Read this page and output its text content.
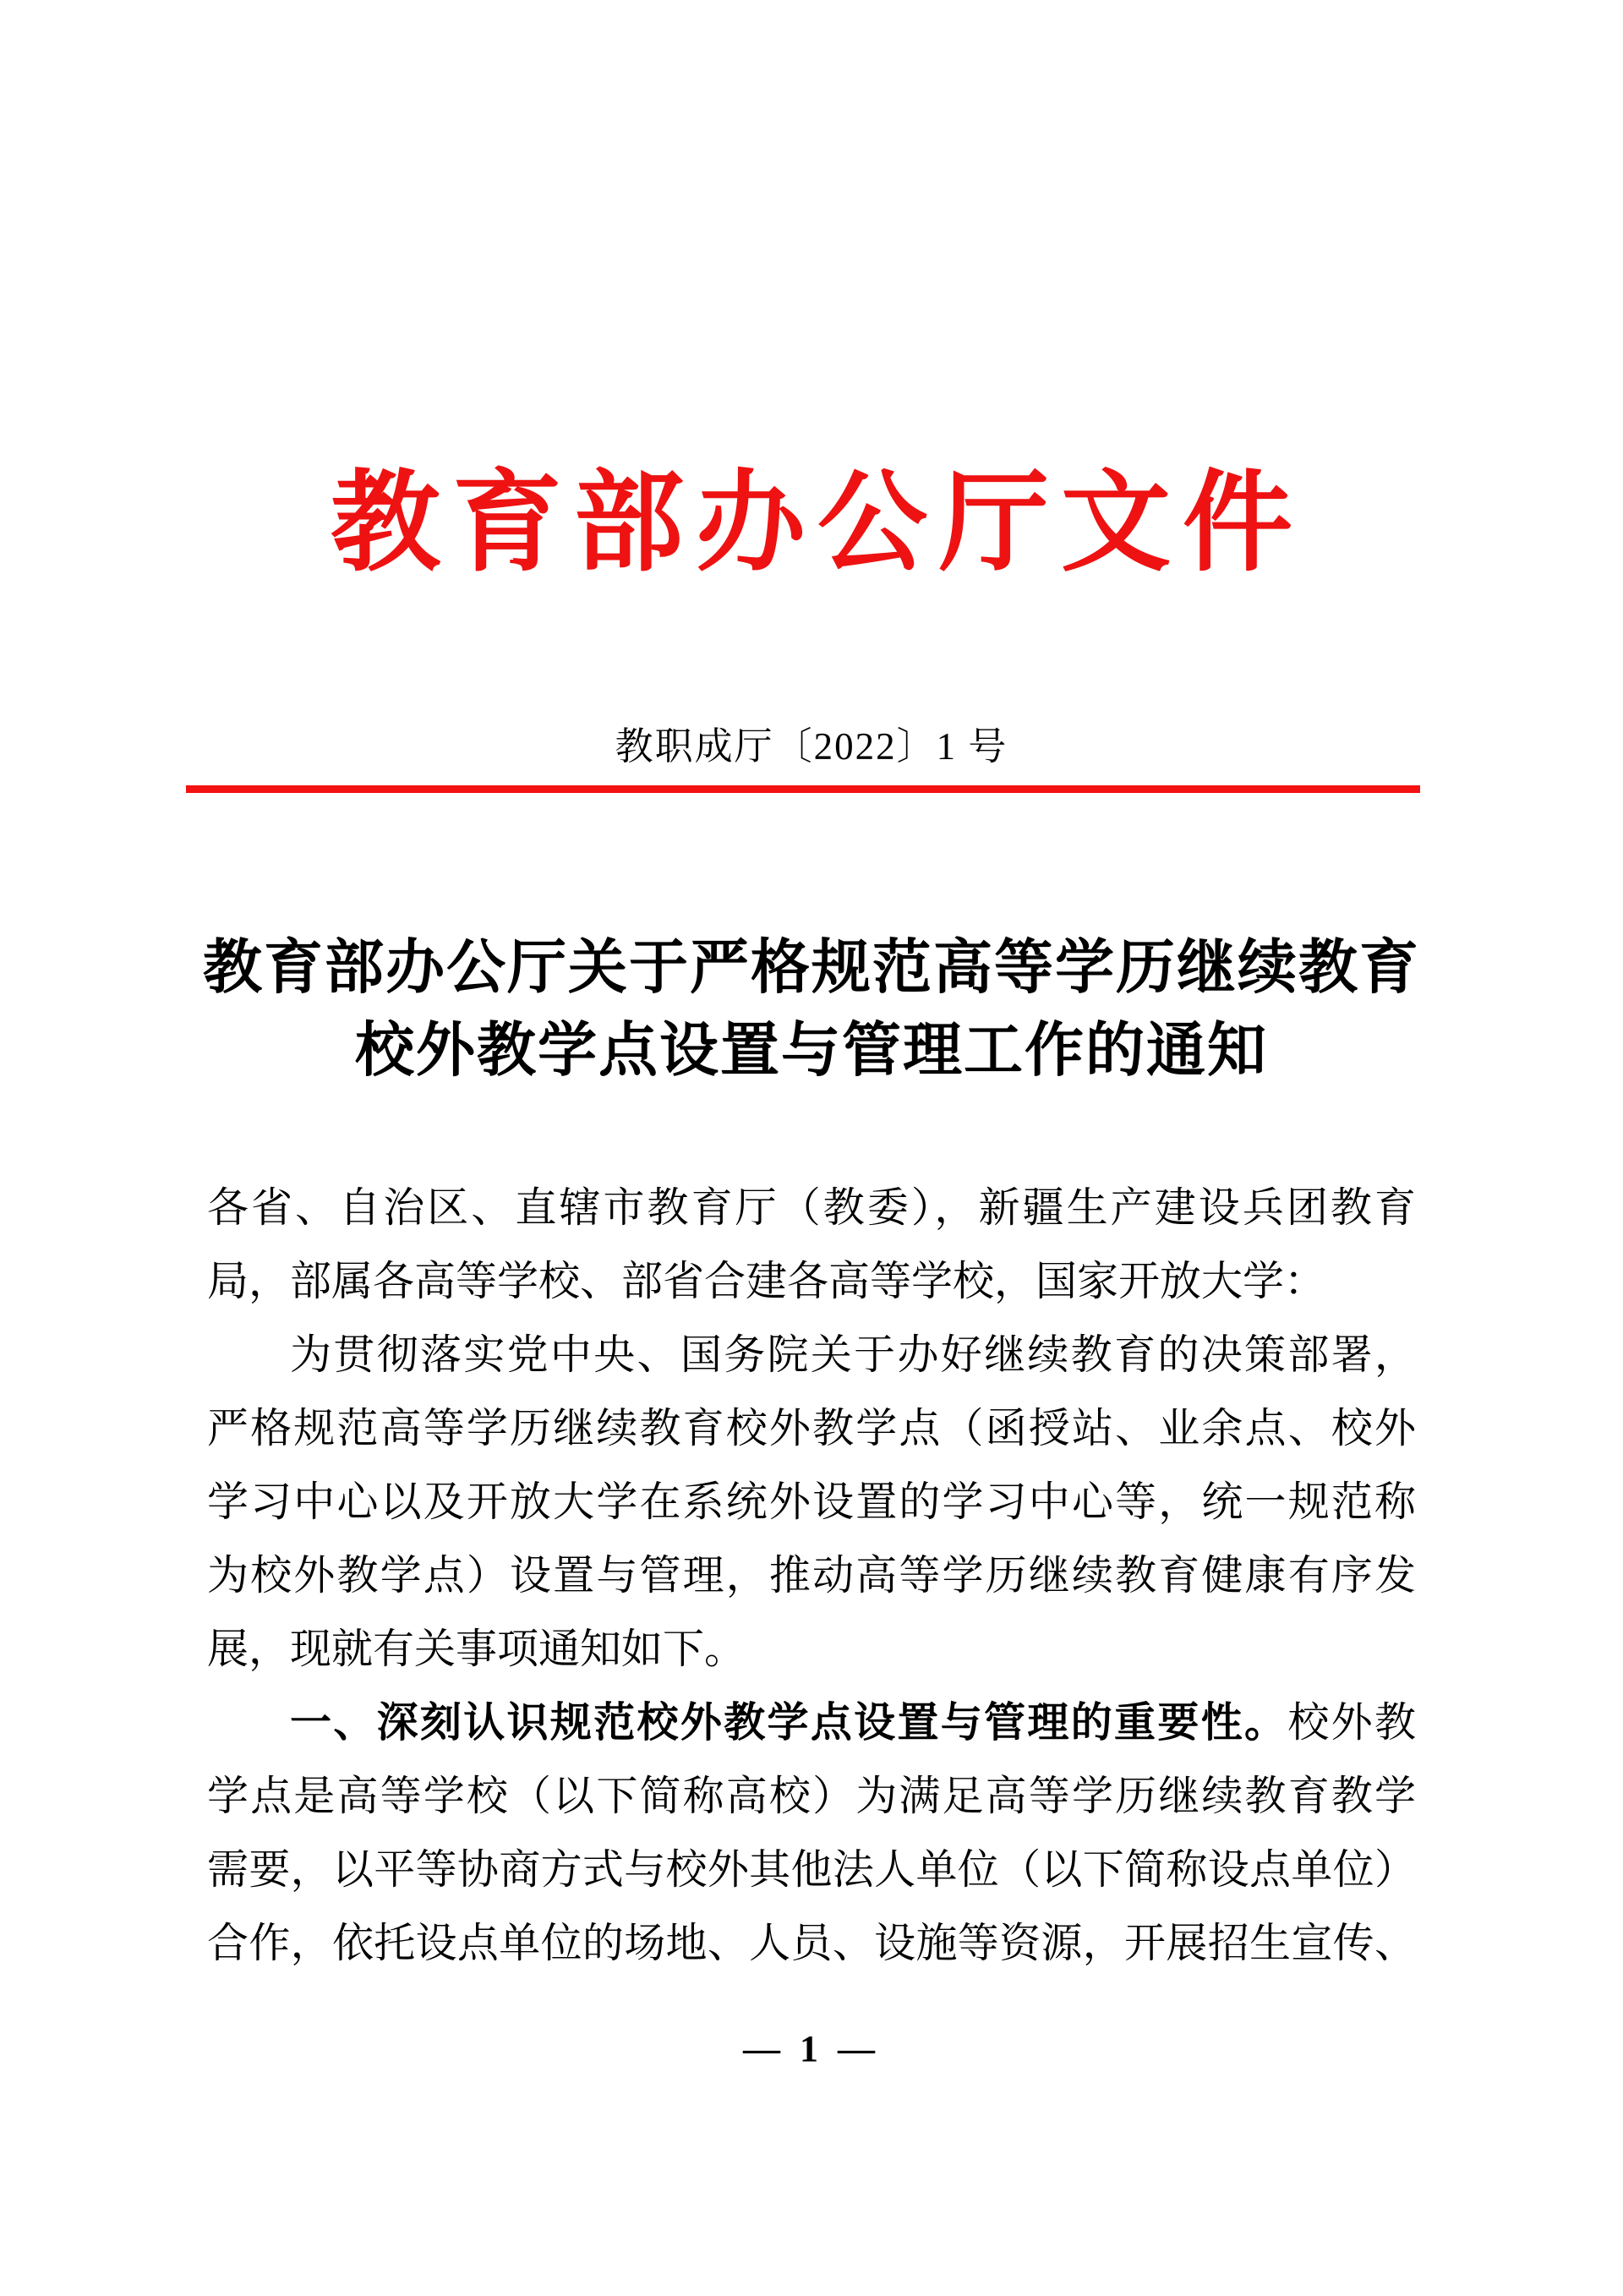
教育部办公厅文件
教职成厅〔2022〕1 号
教育部办公厅关于严格规范高等学历继续教育
校外教学点设置与管理工作的通知
各省、自治区、直辖市教育厅（教委），新疆生产建设兵团教育
局，部属各高等学校、部省合建各高等学校，国家开放大学：
为贯彻落实党中央、国务院关于办好继续教育的决策部署，
严格规范高等学历继续教育校外教学点（函授站、业余点、校外
学习中心以及开放大学在系统外设置的学习中心等，统一规范称
为校外教学点）设置与管理，推动高等学历继续教育健康有序发
展，现就有关事项通知如下。
一、深刻认识规范校外教学点设置与管理的重要性。校外教
学点是高等学校（以下简称高校）为满足高等学历继续教育教学
需要，以平等协商方式与校外其他法人单位（以下简称设点单位）
合作，依托设点单位的场地、人员、设施等资源，开展招生宣传、
— 1 —
